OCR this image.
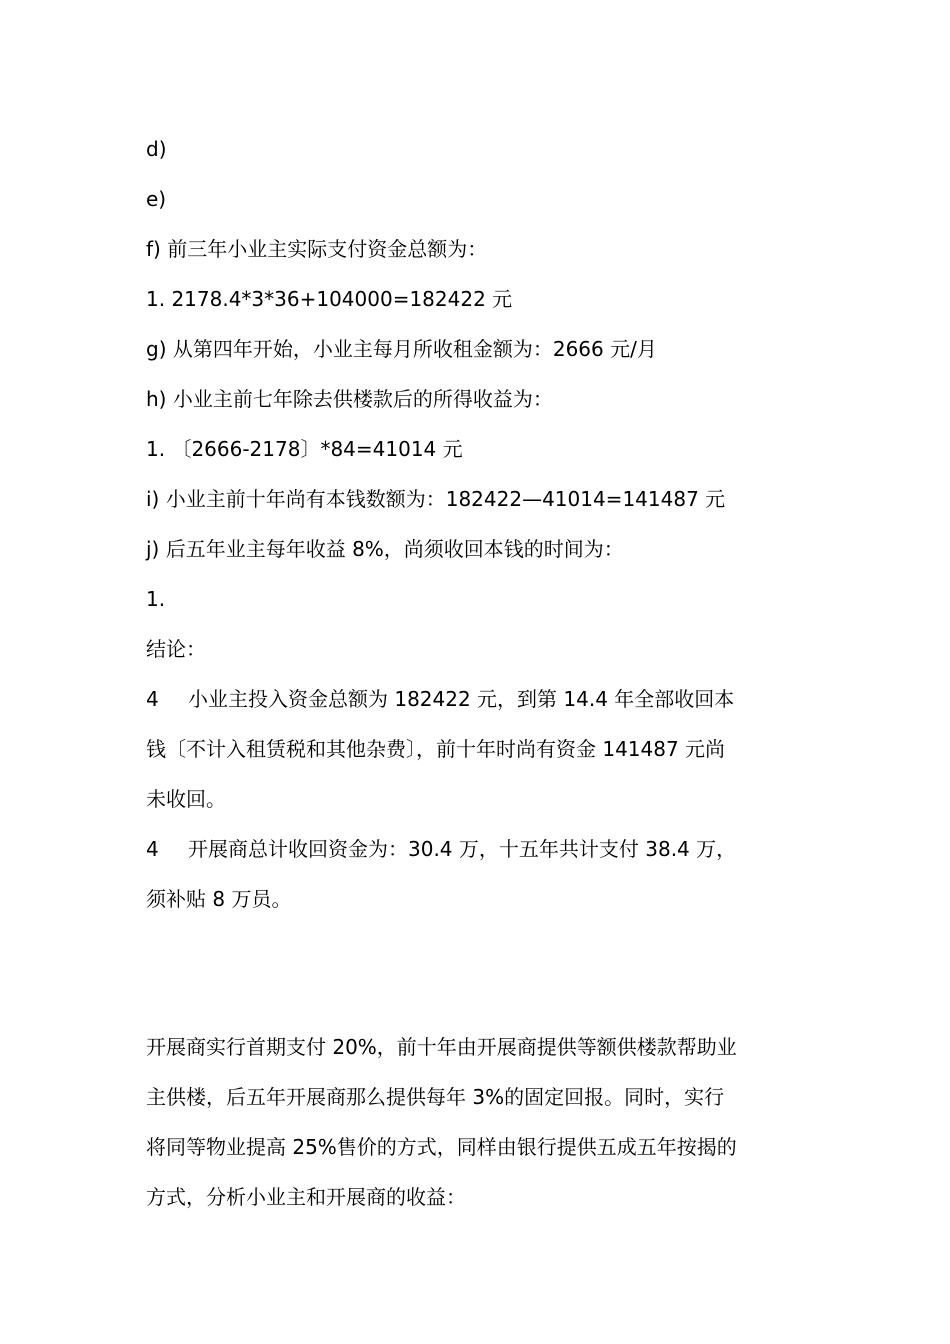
d)
e)
f) 前三年小业主实际支付资金总额为：
1. 2178.4*3*36+104000=182422 元
g) 从第四年开始，小业主每月所收租金额为：2666 元/月
h) 小业主前七年除去供楼款后的所得收益为：
1. 〔2666-2178〕*84=41014 元
i) 小业主前十年尚有本钱数额为：182422—41014=141487 元
j) 后五年业主每年收益 8%，尚须收回本钱的时间为：
1.
结论：
4 小业主投入资金总额为 182422 元，到第 14.4 年全部收回本
钱〔不计入租赁税和其他杂费〕，前十年时尚有资金 141487 元尚
未收回。
4 开展商总计收回资金为：30.4 万，十五年共计支付 38.4 万，
须补贴 8 万员。
开展商实行首期支付 20%，前十年由开展商提供等额供楼款帮助业
主供楼，后五年开展商那么提供每年 3%的固定回报。同时，实行
将同等物业提高 25%售价的方式，同样由银行提供五成五年按揭的
方式，分析小业主和开展商的收益：
